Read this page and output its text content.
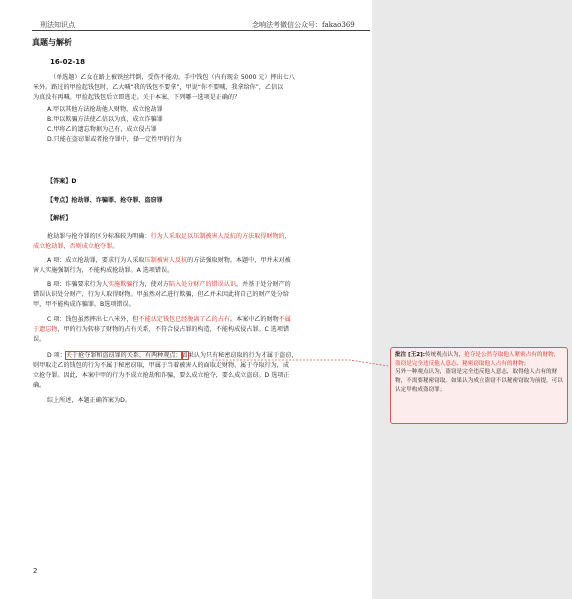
刑法知识点	念响法考微信公众号：fakao369
真题与解析
16-02-18
（单选题）乙女在路上被铁丝绊倒，受伤不能动，手中钱包（内有现金 5000 元）摔出七八
米外。路过的甲捡起钱包时，乙大喊“我的钱包不要拿”，甲说“你不要喊，我拿给你”，乙信以
为真没有再喊。甲捡起钱包后立即逃走。关于本案，下列哪一选项是正确的？
A.甲以其他方法抢劫他人财物，成立抢劫罪
B.甲以欺骗方法使乙信以为真，成立诈骗罪
C.甲将乙的遗忘物据为己有，成立侵占罪
D.只能在盗窃罪或者抢夺罪中，择一定性甲的行为
【答案】D
【考点】抢劫罪、诈骗罪、抢夺罪、盗窃罪
【解析】
抢劫罪与抢夺罪的区分标准较为明确：行为人采取足以压制被害人反抗的方法取得财物的，
成立抢劫罪，否则成立抢夺罪。
A 项：成立抢劫罪，要求行为人采取压制被害人反抗的方法强取财物。本题中，甲并未对被
害人实施强制行为，不能构成抢劫罪。A 选项错误。
B 项：诈骗要求行为人实施欺骗行为，使对方陷入处分财产的错误认识，并基于处分财产的
错误认识处分财产，行为人取得财物。甲虽然对乙进行欺骗，但乙并未因此将自己的财产处分给
甲，甲不能构成诈骗罪。B选项错误。
C 项：钱包虽然摔出七八米外，但不能认定钱包已经脱离了乙的占有。本案中乙的财物不属
于遗忘物，甲的行为转移了财物的占有关系，不符合侵占罪的构造，不能构成侵占罪。C 选项错
误。
D 项：关于抢夺罪和盗窃罪的关系，有两种观点：如果认为只有秘密窃取的行为才属于盗窃，
则甲取走乙的钱包的行为不属于秘密窃取，甲属于当着被害人的面取走财物，属于夺取行为，成
立抢夺罪。因此，本案中甲的行为不成立抢劫和诈骗，要么成立抢夺，要么成立盗窃。D 选项正
确。
综上所述，本题正确答案为D。
2
批注 [王2]:传统观点认为，抢夺是公然夺取他人紧密占有的财物，盗窃是完全违反他人意志、秘密窃取他人占有的财物；
另外一种观点认为，盗窃是完全违反他人意志，取得他人占有的财物，不需要秘密窃取。如果认为成立盗窃不以秘密窃取为前提，可以认定甲构成盗窃罪；
